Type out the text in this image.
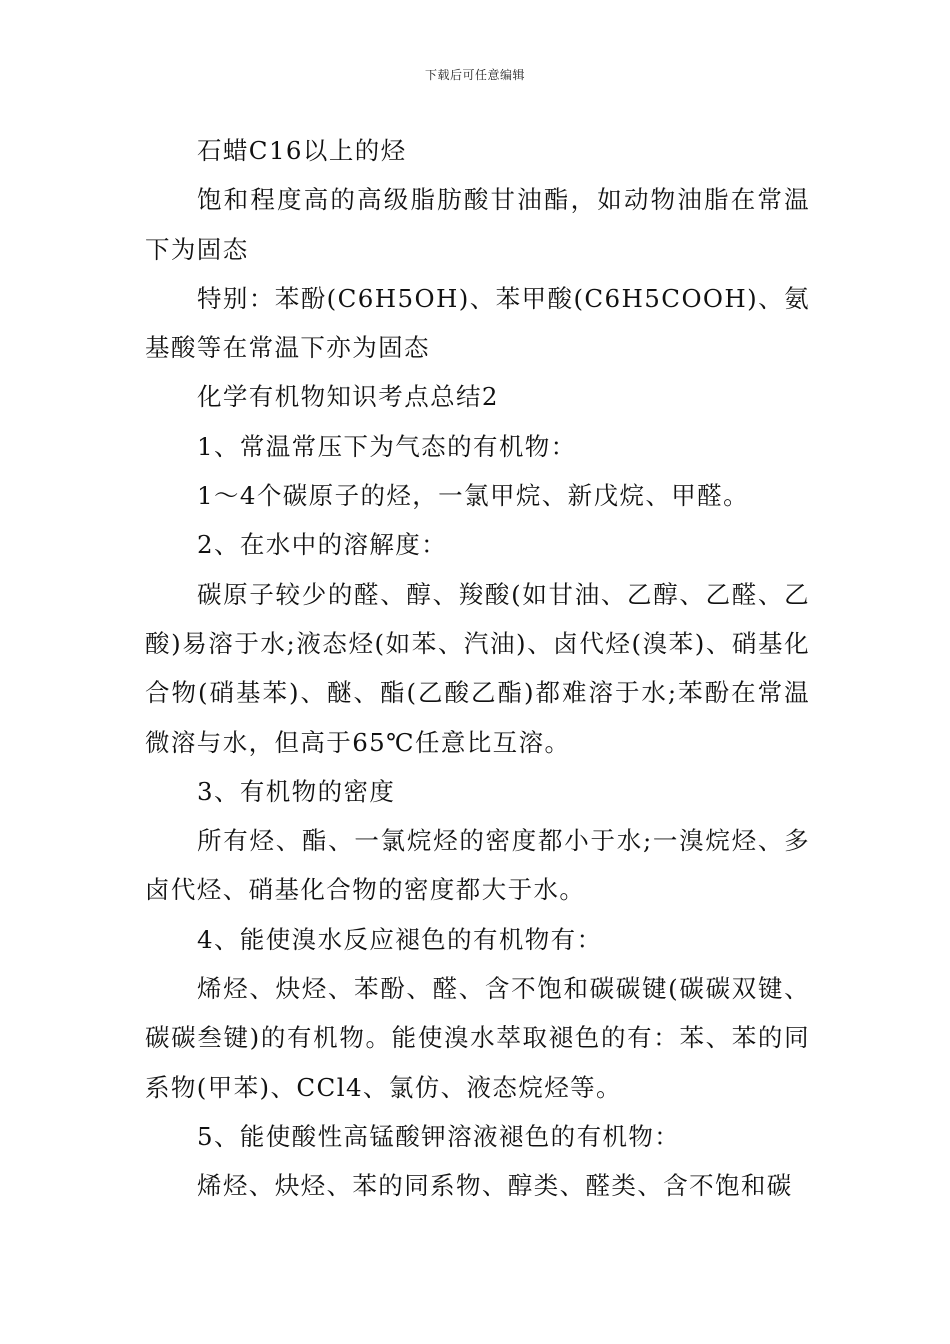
下载后可任意编辑

石蜡C16以上的烃

饱和程度高的高级脂肪酸甘油酯，如动物油脂在常温下为固态

特别：苯酚(C6H5OH)、苯甲酸(C6H5COOH)、氨基酸等在常温下亦为固态

化学有机物知识考点总结2

1、常温常压下为气态的有机物：

1～4个碳原子的烃，一氯甲烷、新戊烷、甲醛。

2、在水中的溶解度：

碳原子较少的醛、醇、羧酸(如甘油、乙醇、乙醛、乙酸)易溶于水;液态烃(如苯、汽油)、卤代烃(溴苯)、硝基化合物(硝基苯)、醚、酯(乙酸乙酯)都难溶于水;苯酚在常温微溶与水，但高于65℃任意比互溶。

3、有机物的密度

所有烃、酯、一氯烷烃的密度都小于水;一溴烷烃、多卤代烃、硝基化合物的密度都大于水。

4、能使溴水反应褪色的有机物有：

烯烃、炔烃、苯酚、醛、含不饱和碳碳键(碳碳双键、碳碳叁键)的有机物。能使溴水萃取褪色的有：苯、苯的同系物(甲苯)、CCl4、氯仿、液态烷烃等。

5、能使酸性高锰酸钾溶液褪色的有机物：

烯烃、炔烃、苯的同系物、醇类、醛类、含不饱和碳
